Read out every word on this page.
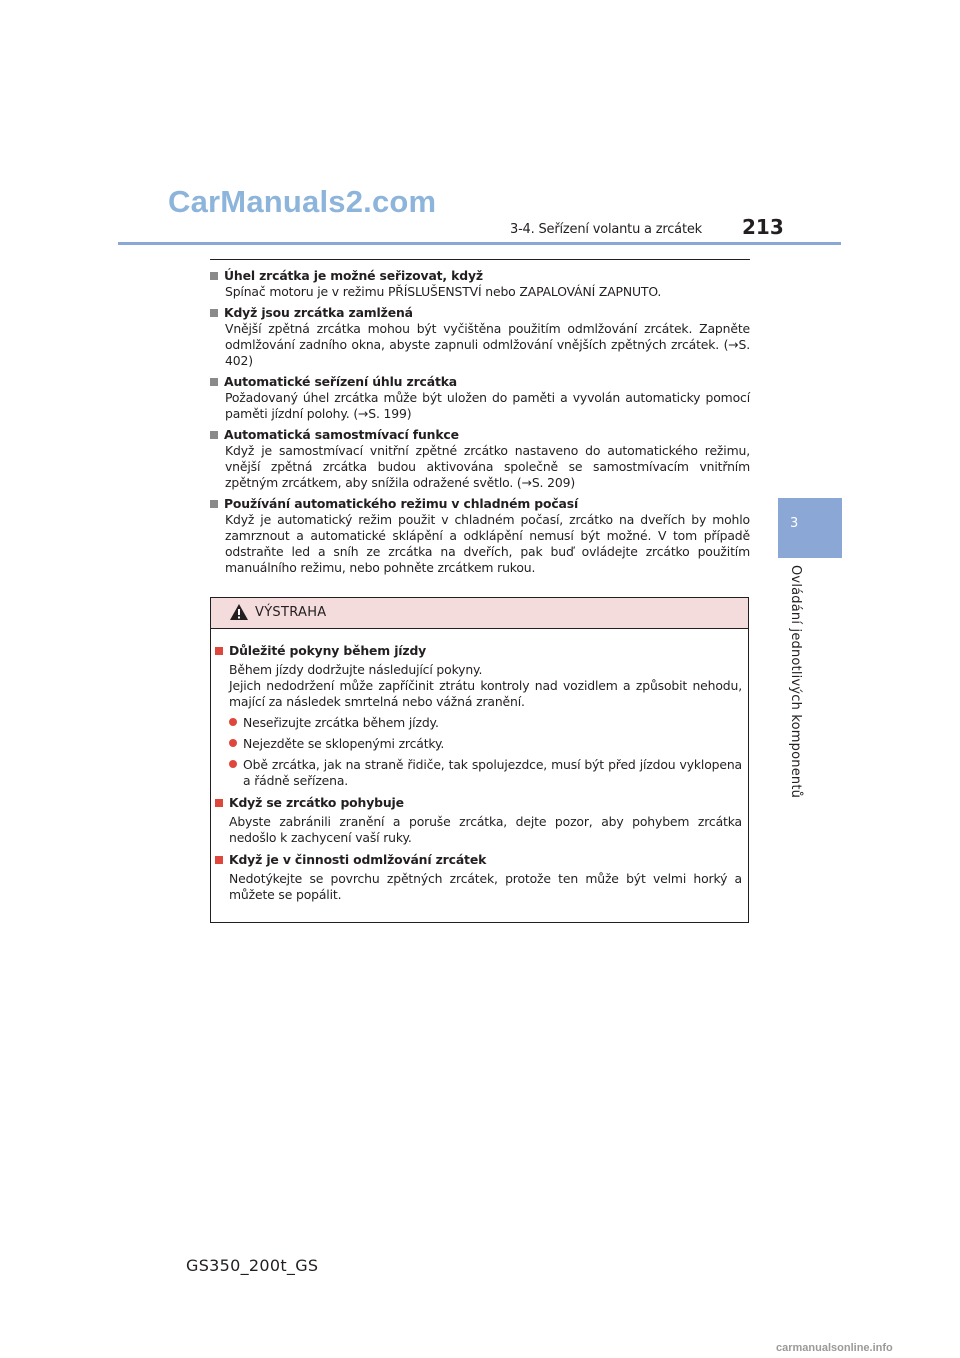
CarManuals2.com
3-4. Seřízení volantu a zrcátek 213
3
Ovládání jednotlivých komponentů
Úhel zrcátka je možné seřizovat, když
Spínač motoru je v režimu PŘÍSLUŠENSTVÍ nebo ZAPALOVÁNÍ ZAPNUTO.
Když jsou zrcátka zamlžená
Vnější zpětná zrcátka mohou být vyčištěna použitím odmlžování zrcátek. Zapněte odmlžování zadního okna, abyste zapnuli odmlžování vnějších zpětných zrcátek. (→S. 402)
Automatické seřízení úhlu zrcátka
Požadovaný úhel zrcátka může být uložen do paměti a vyvolán automaticky pomocí paměti jízdní polohy. (→S. 199)
Automatická samostmívací funkce
Když je samostmívací vnitřní zpětné zrcátko nastaveno do automatického režimu, vnější zpětná zrcátka budou aktivována společně se samostmívacím vnitřním zpětným zrcátkem, aby snížila odražené světlo. (→S. 209)
Používání automatického režimu v chladném počasí
Když je automatický režim použit v chladném počasí, zrcátko na dveřích by mohlo zamrznout a automatické sklápění a odklápění nemusí být možné. V tom případě odstraňte led a sníh ze zrcátka na dveřích, pak buď ovládejte zrcátko použitím manuálního režimu, nebo pohněte zrcátkem rukou.
VÝSTRAHA
Důležité pokyny během jízdy
Během jízdy dodržujte následující pokyny.
Jejich nedodržení může zapříčinit ztrátu kontroly nad vozidlem a způsobit nehodu, mající za následek smrtelná nebo vážná zranění.
Neseřizujte zrcátka během jízdy.
Nejezděte se sklopenými zrcátky.
Obě zrcátka, jak na straně řidiče, tak spolujezdce, musí být před jízdou vyklopena a řádně seřízena.
Když se zrcátko pohybuje
Abyste zabránili zranění a poruše zrcátka, dejte pozor, aby pohybem zrcátka nedošlo k zachycení vaší ruky.
Když je v činnosti odmlžování zrcátek
Nedotýkejte se povrchu zpětných zrcátek, protože ten může být velmi horký a můžete se popálit.
GS350_200t_GS
carmanualsonline.info
